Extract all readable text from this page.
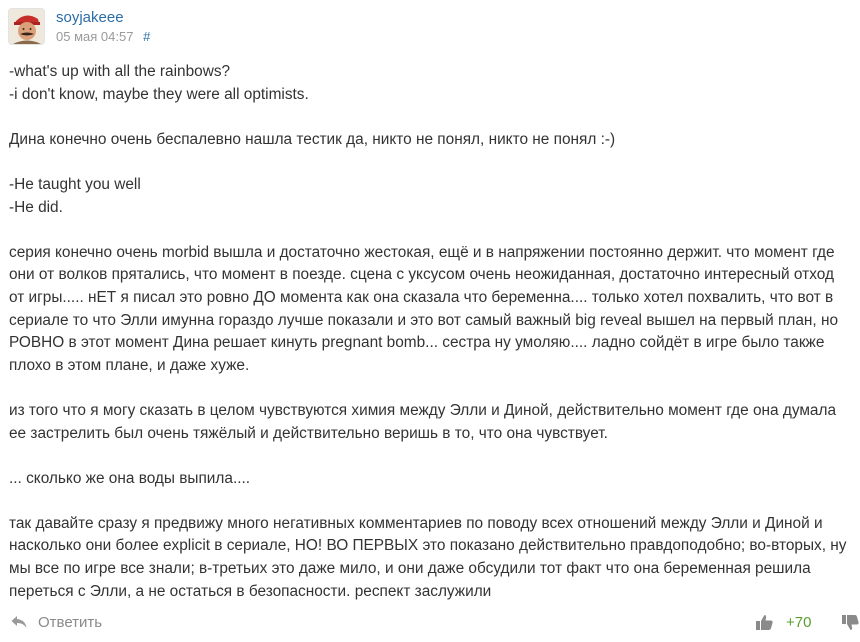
soyjakeee
05 мая 04:57 #

-what's up with all the rainbows?
-i don't know, maybe they were all optimists.

Дина конечно очень беспалевно нашла тестик да, никто не понял, никто не понял :-)

-He taught you well
-He did.

серия конечно очень morbid вышла и достаточно жестокая, ещё и в напряжении постоянно держит. что момент где они от волков прятались, что момент в поезде. сцена с уксусом очень неожиданная, достаточно интересный отход от игры..... нЕТ я писал это ровно ДО момента как она сказала что беременна.... только хотел похвалить, что вот в сериале то что Элли имунна гораздо лучше показали и это вот самый важный big reveal вышел на первый план, но РОВНО в этот момент Дина решает кинуть pregnant bomb... сестра ну умоляю.... ладно сойдёт в игре было также плохо в этом плане, и даже хуже.

из того что я могу сказать в целом чувствуются химия между Элли и Диной, действительно момент где она думала ее застрелить был очень тяжёлый и действительно веришь в то, что она чувствует.

... сколько же она воды выпила....

так давайте сразу я предвижу много негативных комментариев по поводу всех отношений между Элли и Диной и насколько они более explicit в сериале, НО! ВО ПЕРВЫХ это показано действительно правдоподобно; во-вторых, ну мы все по игре все знали; в-третьих это даже мило, и они даже обсудили тот факт что она беременная решила переться с Элли, а не остаться в безопасности. респект заслужили

Ответить	+70
